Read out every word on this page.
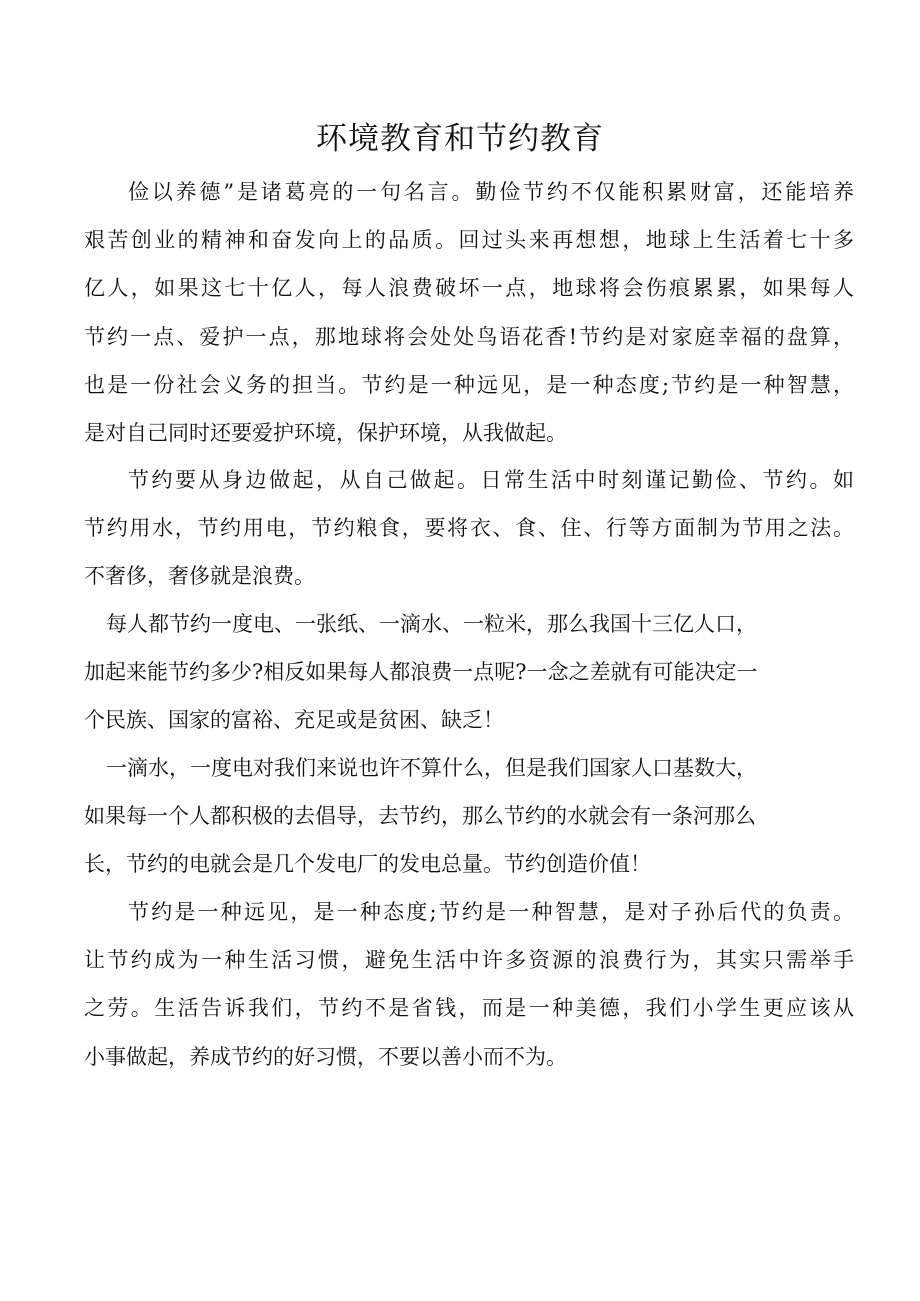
环境教育和节约教育
俭以养德”是诸葛亮的一句名言。勤俭节约不仅能积累财富，还能培养
艰苦创业的精神和奋发向上的品质。回过头来再想想，地球上生活着七十多
亿人，如果这七十亿人，每人浪费破坏一点，地球将会伤痕累累，如果每人
节约一点、爱护一点，那地球将会处处鸟语花香!节约是对家庭幸福的盘算，
也是一份社会义务的担当。节约是一种远见，是一种态度;节约是一种智慧，
是对自己同时还要爱护环境，保护环境，从我做起。
节约要从身边做起，从自己做起。日常生活中时刻谨记勤俭、节约。如
节约用水，节约用电，节约粮食，要将衣、食、住、行等方面制为节用之法。
不奢侈，奢侈就是浪费。
每人都节约一度电、一张纸、一滴水、一粒米，那么我国十三亿人口，
加起来能节约多少?相反如果每人都浪费一点呢?一念之差就有可能决定一
个民族、国家的富裕、充足或是贫困、缺乏！
一滴水，一度电对我们来说也许不算什么，但是我们国家人口基数大，
如果每一个人都积极的去倡导，去节约，那么节约的水就会有一条河那么
长，节约的电就会是几个发电厂的发电总量。节约创造价值！
节约是一种远见，是一种态度;节约是一种智慧，是对子孙后代的负责。
让节约成为一种生活习惯，避免生活中许多资源的浪费行为，其实只需举手
之劳。生活告诉我们，节约不是省钱，而是一种美德，我们小学生更应该从
小事做起，养成节约的好习惯，不要以善小而不为。
